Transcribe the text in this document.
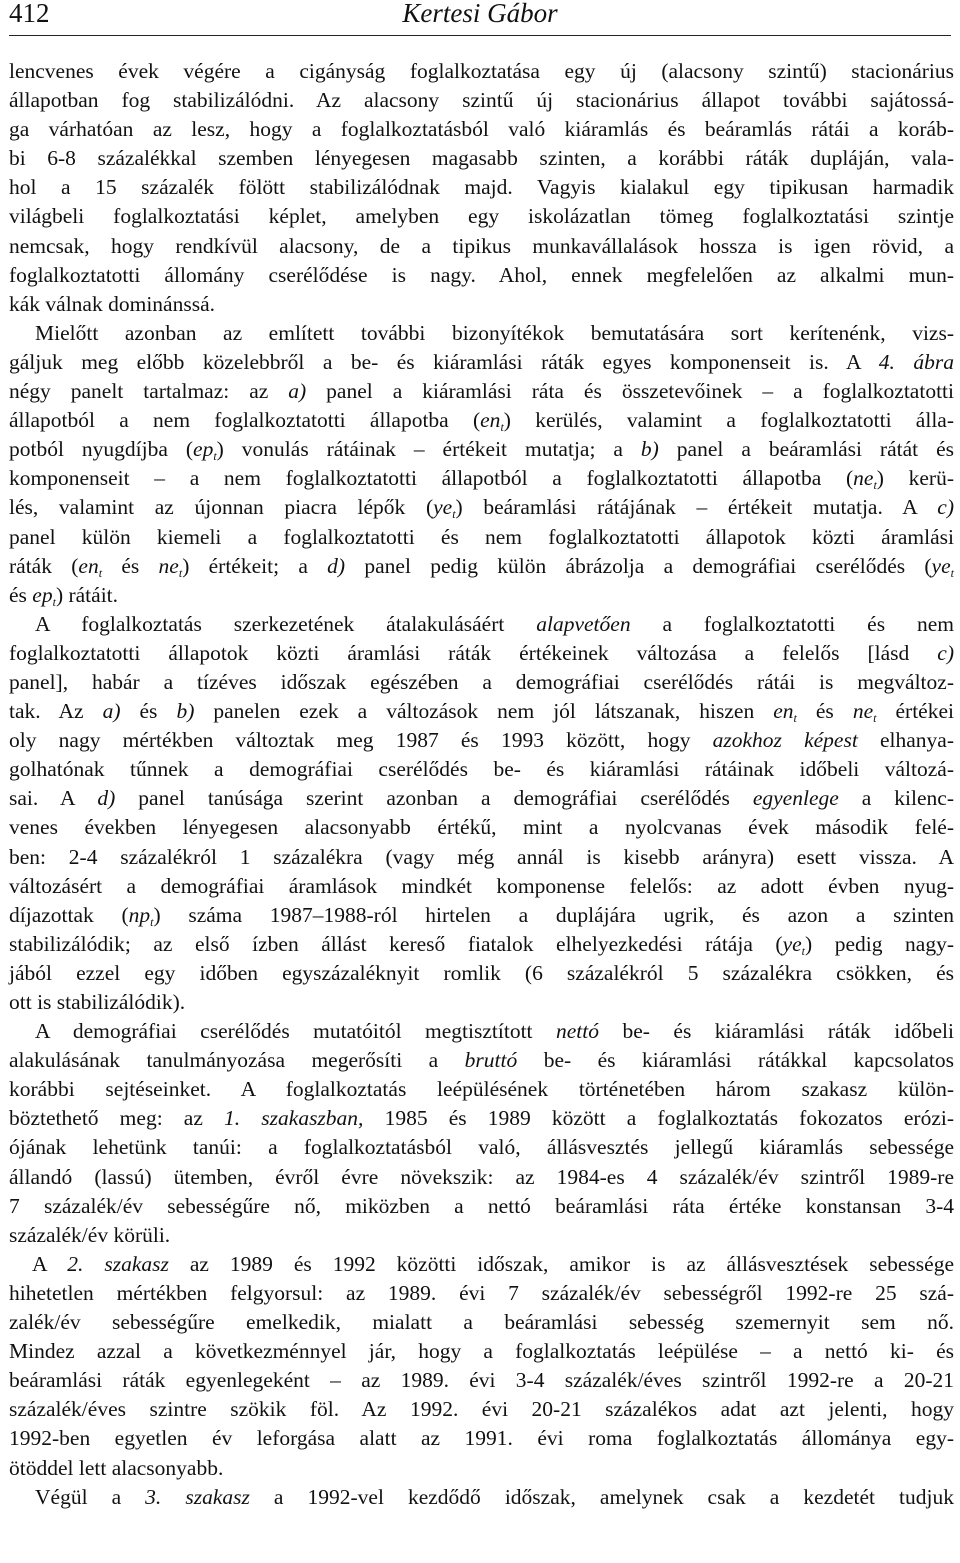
412	Kertesi Gábor
lencvenes évek végére a cigányság foglalkoztatása egy új (alacsony szintű) stacionárius
állapotban fog stabilizálódni. Az alacsony szintű új stacionárius állapot további sajátossá-
ga várhatóan az lesz, hogy a foglalkoztatásból való kiáramlás és beáramlás rátái a koráb-
bi 6-8 százalékkal szemben lényegesen magasabb szinten, a korábbi ráták dupláján, vala-
hol a 15 százalék fölött stabilizálódnak majd. Vagyis kialakul egy tipikusan harmadik
világbeli foglalkoztatási képlet, amelyben egy iskolázatlan tömeg foglalkoztatási szintje
nemcsak, hogy rendkívül alacsony, de a tipikus munkavállalások hossza is igen rövid, a
foglalkoztatotti állomány cserélődése is nagy. Ahol, ennek megfelelően az alkalmi mun-
kák válnak dominánssá.
Mielőtt azonban az említett további bizonyítékok bemutatására sort kerítenénk, vizs-
gáljuk meg előbb közelebbről a be- és kiáramlási ráták egyes komponenseit is. A 4. ábra
négy panelt tartalmaz: az a) panel a kiáramlási ráta és összetevőinek – a foglalkoztatotti
állapotból a nem foglalkoztatotti állapotba $(en_t)$ kerülés, valamint a foglalkoztatotti álla-
potból nyugdíjba $(ep_t)$ vonulás rátáinak – értékeit mutatja; a b) panel a beáramlási rátát és
komponenseit – a nem foglalkoztatotti állapotból a foglalkoztatotti állapotba $(ne_t)$ kerü-
lés, valamint az újonnan piacra lépők $(ye_t)$ beáramlási rátájának – értékeit mutatja. A c)
panel külön kiemeli a foglalkoztatotti és nem foglalkoztatotti állapotok közti áramlási
ráták ($en_t$ és $ne_t$) értékeit; a d) panel pedig külön ábrázolja a demográfiai cserélődés ($ye_t$
és $ep_t$) rátáit.
A foglalkoztatás szerkezetének átalakulásáért alapvetően a foglalkoztatotti és nem
foglalkoztatotti állapotok közti áramlási ráták értékeinek változása a felelős [lásd c)
panel], habár a tízéves időszak egészében a demográfiai cserélődés rátái is megváltoz-
tak. Az a) és b) panelen ezek a változások nem jól látszanak, hiszen $en_t$ és $ne_t$ értékei
oly nagy mértékben változtak meg 1987 és 1993 között, hogy azokhoz képest elhanya-
golhatónak tűnnek a demográfiai cserélődés be- és kiáramlási rátáinak időbeli változá-
sai. A d) panel tanúsága szerint azonban a demográfiai cserélődés egyenlege a kilenc-
venes években lényegesen alacsonyabb értékű, mint a nyolcvanas évek második felé-
ben: 2-4 százalékról 1 százalékra (vagy még annál is kisebb arányra) esett vissza. A
változásért a demográfiai áramlások mindkét komponense felelős: az adott évben nyug-
díjazottak $(np_t)$ száma 1987–1988-ról hirtelen a duplájára ugrik, és azon a szinten
stabilizálódik; az első ízben állást kereső fiatalok elhelyezkedési rátája $(ye_t)$ pedig nagy-
jából ezzel egy időben egyszázaléknyit romlik (6 százalékról 5 százalékra csökken, és
ott is stabilizálódik).
A demográfiai cserélődés mutatóitól megtisztított nettó be- és kiáramlási ráták időbeli
alakulásának tanulmányozása megerősíti a bruttó be- és kiáramlási rátákkal kapcsolatos
korábbi sejtéseinket. A foglalkoztatás leépülésének történetében három szakasz külön-
böztethető meg: az 1. szakaszban, 1985 és 1989 között a foglalkoztatás fokozatos erózi-
ójának lehetünk tanúi: a foglalkoztatásból való, állásvesztés jellegű kiáramlás sebessége
állandó (lassú) ütemben, évről évre növekszik: az 1984-es 4 százalék/év szintről 1989-re
7 százalék/év sebességűre nő, miközben a nettó beáramlási ráta értéke konstansan 3-4
százalék/év körüli.
A 2. szakasz az 1989 és 1992 közötti időszak, amikor is az állásvesztések sebessége
hihetetlen mértékben felgyorsul: az 1989. évi 7 százalék/év sebességről 1992-re 25 szá-
zalék/év sebességűre emelkedik, mialatt a beáramlási sebesség szemernyit sem nő.
Mindez azzal a következménnyel jár, hogy a foglalkoztatás leépülése – a nettó ki- és
beáramlási ráták egyenlegeként – az 1989. évi 3-4 százalék/éves szintről 1992-re a 20-21
százalék/éves szintre szökik föl. Az 1992. évi 20-21 százalékos adat azt jelenti, hogy
1992-ben egyetlen év leforgása alatt az 1991. évi roma foglalkoztatás állománya egy-
ötöddel lett alacsonyabb.
Végül a 3. szakasz a 1992-vel kezdődő időszak, amelynek csak a kezdetét tudjuk
